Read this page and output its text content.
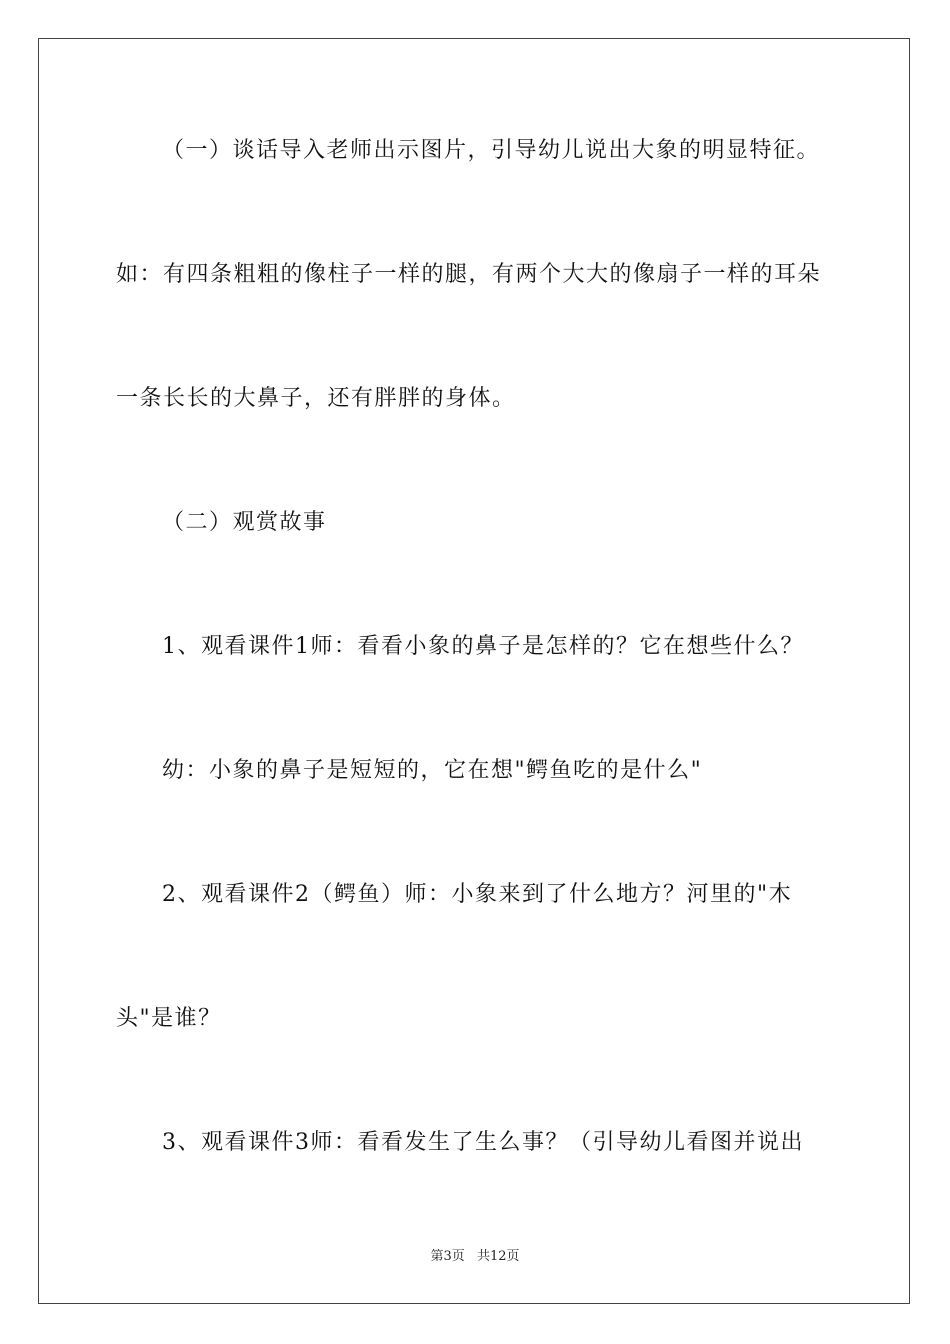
（一）谈话导入老师出示图片，引导幼儿说出大象的明显特征。
如：有四条粗粗的像柱子一样的腿，有两个大大的像扇子一样的耳朵
一条长长的大鼻子，还有胖胖的身体。
（二）观赏故事
1、观看课件1师：看看小象的鼻子是怎样的？它在想些什么？
幼：小象的鼻子是短短的，它在想"鳄鱼吃的是什么"
2、观看课件2（鳄鱼）师：小象来到了什么地方？河里的"木
头"是谁？
3、观看课件3师：看看发生了生么事？（引导幼儿看图并说出
第3页 共12页
